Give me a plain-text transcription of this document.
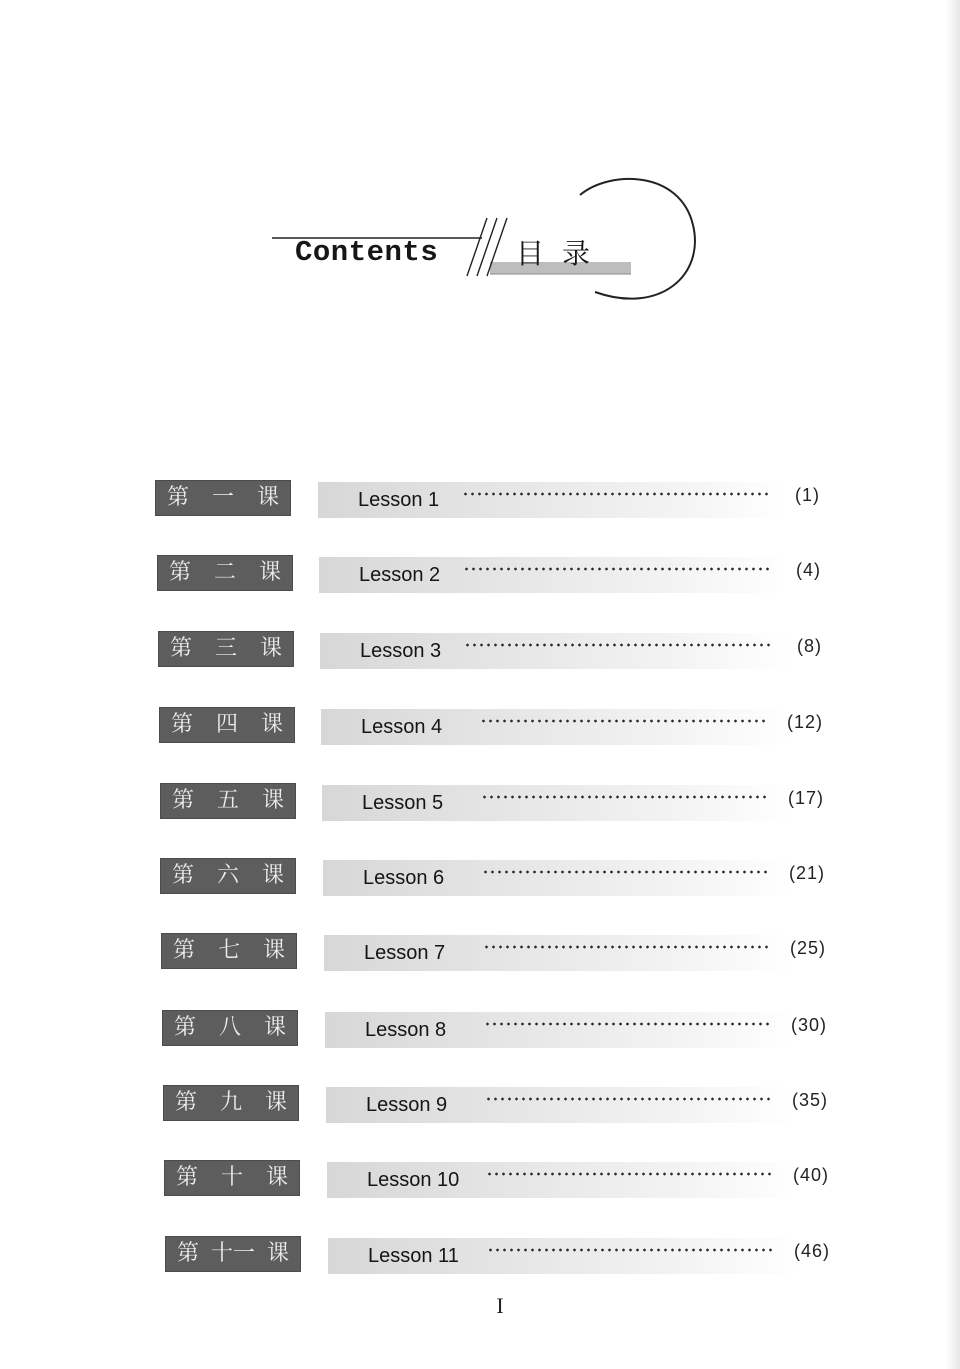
Contents	目录
第	一	课	Lesson 1	(1)
第	二	课	Lesson 2	(4)
第	三	课	Lesson 3	(8)
第	四	课	Lesson 4	(12)
第	五	课	Lesson 5	(17)
第	六	课	Lesson 6	(21)
第	七	课	Lesson 7	(25)
第	八	课	Lesson 8	(30)
第	九	课	Lesson 9	(35)
第	十	课	Lesson 10	(40)
第 十一 课	Lesson 11	(46)
I
